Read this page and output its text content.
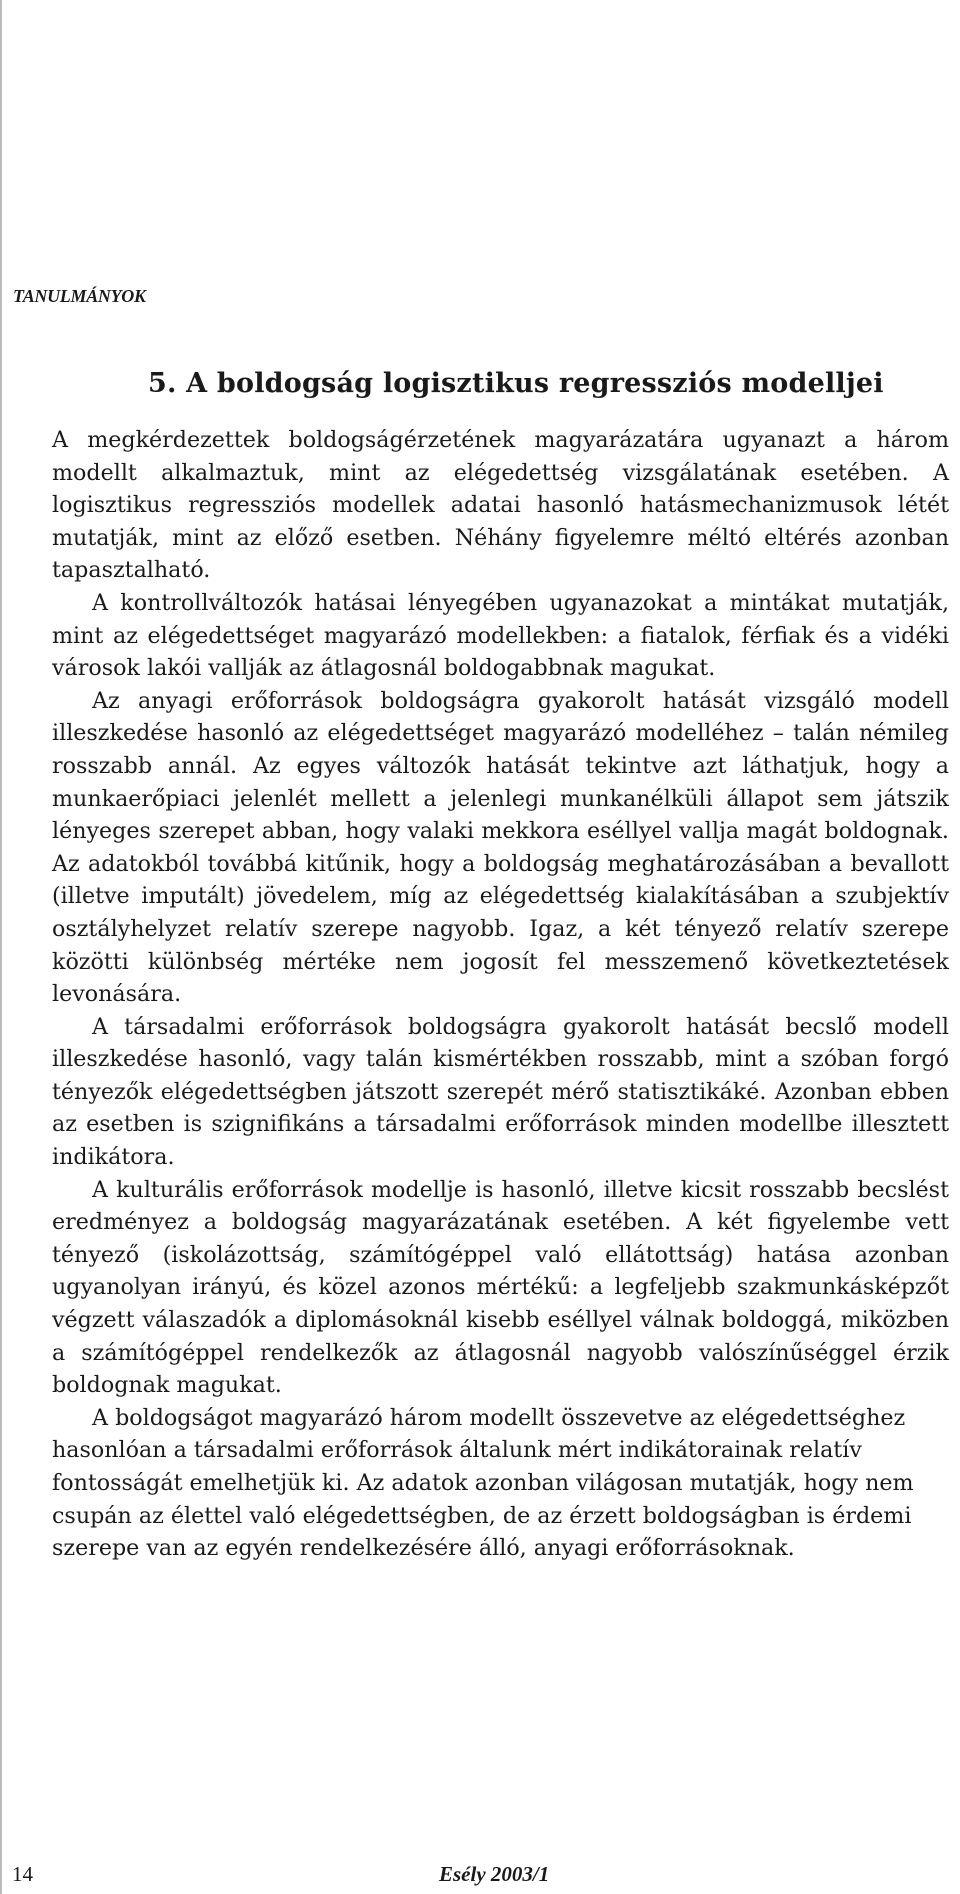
TANULMÁNYOK
5. A boldogság logisztikus regressziós modelljei

A megkérdezettek boldogságérzetének magyarázatára ugyanazt a három modellt alkalmaztuk, mint az elégedettség vizsgálatának esetében. A logisztikus regressziós modellek adatai hasonló hatásmechanizmusok létét mutatják, mint az előző esetben. Néhány figyelemre méltó eltérés azonban tapasztalható.

A kontrollváltozók hatásai lényegében ugyanazokat a mintákat mutatják, mint az elégedettséget magyarázó modellekben: a fiatalok, férfiak és a vidéki városok lakói vallják az átlagosnál boldogabbnak magukat.

Az anyagi erőforrások boldogságra gyakorolt hatását vizsgáló modell illeszkedése hasonló az elégedettséget magyarázó modelléhez – talán némileg rosszabb annál. Az egyes változók hatását tekintve azt láthatjuk, hogy a munkaerőpiaci jelenlét mellett a jelenlegi munkanélküli állapot sem játszik lényeges szerepet abban, hogy valaki mekkora eséllyel vallja magát boldognak. Az adatokból továbbá kitűnik, hogy a boldogság meghatározásában a bevallott (illetve imputált) jövedelem, míg az elégedettség kialakításában a szubjektív osztályhelyzet relatív szerepe nagyobb. Igaz, a két tényező relatív szerepe közötti különbség mértéke nem jogosít fel messzemenő következtetések levonására.

A társadalmi erőforrások boldogságra gyakorolt hatását becslő modell illeszkedése hasonló, vagy talán kismértékben rosszabb, mint a szóban forgó tényezők elégedettségben játszott szerepét mérő statisztikáké. Azonban ebben az esetben is szignifikáns a társadalmi erőforrások minden modellbe illesztett indikátora.

A kulturális erőforrások modellje is hasonló, illetve kicsit rosszabb becslést eredményez a boldogság magyarázatának esetében. A két figyelembe vett tényező (iskolázottság, számítógéppel való ellátottság) hatása azonban ugyanolyan irányú, és közel azonos mértékű: a legfeljebb szakmunkásképzőt végzett válaszadók a diplomásoknál kisebb eséllyel válnak boldoggá, miközben a számítógéppel rendelkezők az átlagosnál nagyobb valószínűséggel érzik boldognak magukat.

A boldogságot magyarázó három modellt összevetve az elégedettséghez hasonlóan a társadalmi erőforrások általunk mért indikátorainak relatív fontosságát emelhetjük ki. Az adatok azonban világosan mutatják, hogy nem csupán az élettel való elégedettségben, de az érzett boldogságban is érdemi szerepe van az egyén rendelkezésére álló, anyagi erőforrásoknak.

14	Esély 2003/1
